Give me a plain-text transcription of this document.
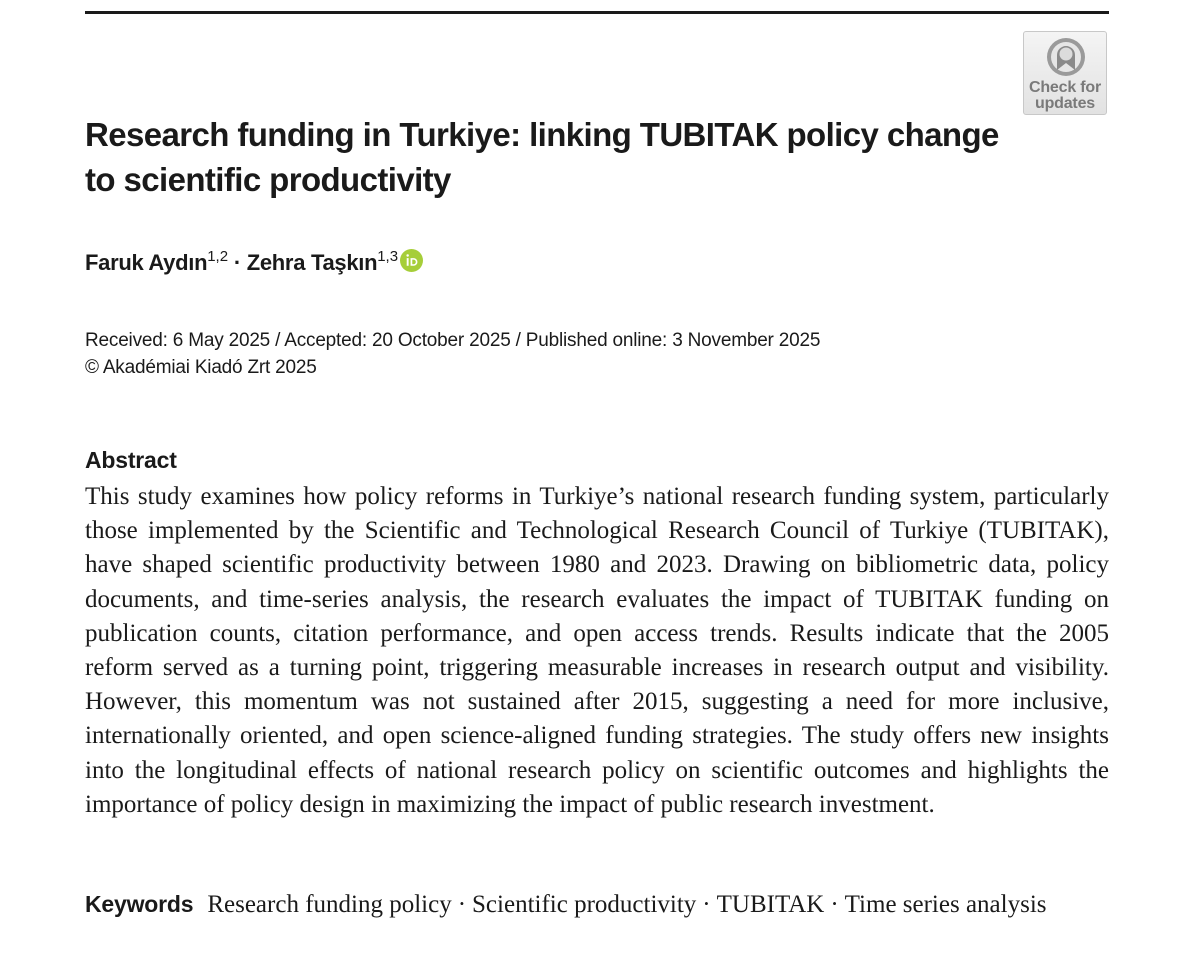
Check for
updates
Research funding in Turkiye: linking TUBITAK policy change to scientific productivity
Faruk Aydın$^{1,2}$ · Zehra Taşkın$^{1,3}$
Received: 6 May 2025 / Accepted: 20 October 2025 / Published online: 3 November 2025
© Akadémiai Kiadó Zrt 2025
Abstract

This study examines how policy reforms in Turkiye’s national research funding system, particularly those implemented by the Scientific and Technological Research Council of Turkiye (TUBITAK), have shaped scientific productivity between 1980 and 2023. Drawing on bibliometric data, policy documents, and time-series analysis, the research evaluates the impact of TUBITAK funding on publication counts, citation performance, and open access trends. Results indicate that the 2005 reform served as a turning point, triggering measurable increases in research output and visibility. However, this momentum was not sustained after 2015, suggesting a need for more inclusive, internationally oriented, and open science-aligned funding strategies. The study offers new insights into the longitudinal effects of national research policy on scientific outcomes and highlights the importance of policy design in maximizing the impact of public research investment.

Keywords Research funding policy · Scientific productivity · TUBITAK · Time series analysis
